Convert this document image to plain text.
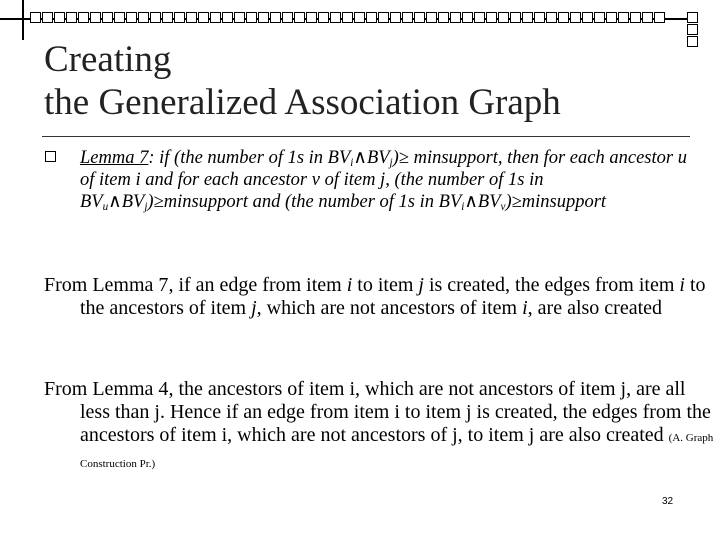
Creating
the Generalized Association Graph

Lemma 7: if (the number of 1s in $BV_i\wedge BV_j)\ge$ minsupport, then for each ancestor u of item i and for each ancestor v of item j, (the number of 1s in $BV_u\wedge BV_j)\ge minsupport$ and (the number of 1s in $BV_i\wedge BV_v)\ge minsupport$

From Lemma 7, if an edge from item i to item j is created, the edges from item i to the ancestors of item j, which are not ancestors of item i, are also created

From Lemma 4, the ancestors of item i, which are not ancestors of item j, are all less than j. Hence if an edge from item i to item j is created, the edges from the ancestors of item i, which are not ancestors of j, to item j are also created (A. Graph Construction Pr.)

32
